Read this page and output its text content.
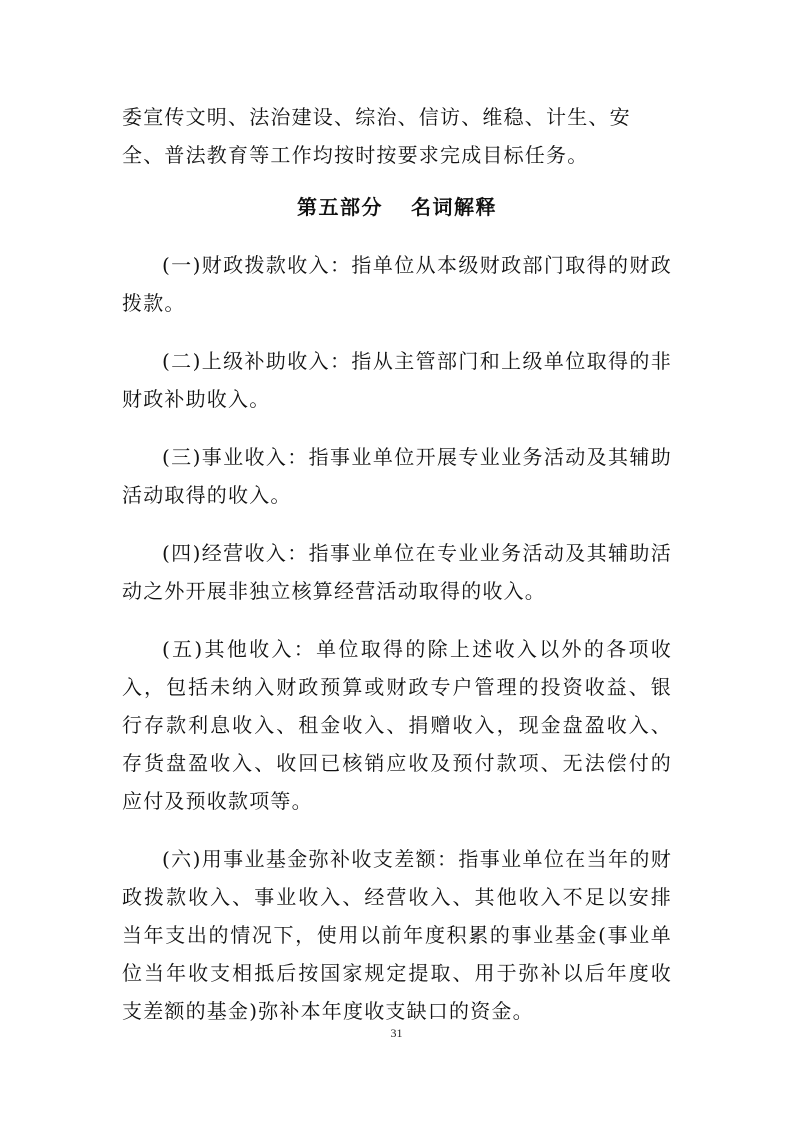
委宣传文明、法治建设、综治、信访、维稳、计生、安
全、普法教育等工作均按时按要求完成目标任务。

第五部分 名词解释

(一)财政拨款收入：指单位从本级财政部门取得的财政拨款。

(二)上级补助收入：指从主管部门和上级单位取得的非财政补助收入。

(三)事业收入：指事业单位开展专业业务活动及其辅助活动取得的收入。

(四)经营收入：指事业单位在专业业务活动及其辅助活动之外开展非独立核算经营活动取得的收入。

(五)其他收入：单位取得的除上述收入以外的各项收入，包括未纳入财政预算或财政专户管理的投资收益、银行存款利息收入、租金收入、捐赠收入，现金盘盈收入、存货盘盈收入、收回已核销应收及预付款项、无法偿付的应付及预收款项等。

(六)用事业基金弥补收支差额：指事业单位在当年的财政拨款收入、事业收入、经营收入、其他收入不足以安排当年支出的情况下，使用以前年度积累的事业基金(事业单位当年收支相抵后按国家规定提取、用于弥补以后年度收支差额的基金)弥补本年度收支缺口的资金。

31
